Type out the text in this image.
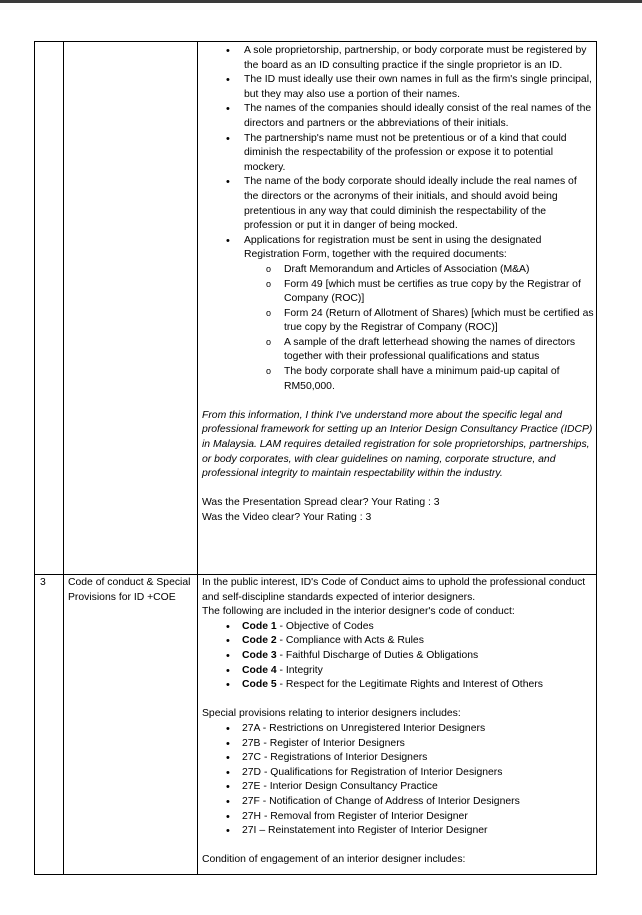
• A sole proprietorship, partnership, or body corporate must be registered by the board as an ID consulting practice if the single proprietor is an ID.
• The ID must ideally use their own names in full as the firm's single principal, but they may also use a portion of their names.
• The names of the companies should ideally consist of the real names of the directors and partners or the abbreviations of their initials.
• The partnership's name must not be pretentious or of a kind that could diminish the respectability of the profession or expose it to potential mockery.
• The name of the body corporate should ideally include the real names of the directors or the acronyms of their initials, and should avoid being pretentious in any way that could diminish the respectability of the profession or put it in danger of being mocked.
• Applications for registration must be sent in using the designated Registration Form, together with the required documents:
o Draft Memorandum and Articles of Association (M&A)
o Form 49 [which must be certifies as true copy by the Registrar of Company (ROC)]
o Form 24 (Return of Allotment of Shares) [which must be certified as true copy by the Registrar of Company (ROC)]
o A sample of the draft letterhead showing the names of directors together with their professional qualifications and status
o The body corporate shall have a minimum paid-up capital of RM50,000.

From this information, I think I've understand more about the specific legal and professional framework for setting up an Interior Design Consultancy Practice (IDCP) in Malaysia. LAM requires detailed registration for sole proprietorships, partnerships, or body corporates, with clear guidelines on naming, corporate structure, and professional integrity to maintain respectability within the industry.

Was the Presentation Spread clear? Your Rating : 3

Was the Video clear? Your Rating : 3

3	Code of conduct & Special Provisions for ID +COE

In the public interest, ID's Code of Conduct aims to uphold the professional conduct and self-discipline standards expected of interior designers.

The following are included in the interior designer's code of conduct:

• Code 1 - Objective of Codes
• Code 2 - Compliance with Acts & Rules
• Code 3 - Faithful Discharge of Duties & Obligations
• Code 4 - Integrity
• Code 5 - Respect for the Legitimate Rights and Interest of Others

Special provisions relating to interior designers includes:

• 27A - Restrictions on Unregistered Interior Designers
• 27B - Register of Interior Designers
• 27C - Registrations of Interior Designers
• 27D - Qualifications for Registration of Interior Designers
• 27E - Interior Design Consultancy Practice
• 27F - Notification of Change of Address of Interior Designers
• 27H - Removal from Register of Interior Designer
• 27I – Reinstatement into Register of Interior Designer

Condition of engagement of an interior designer includes:
